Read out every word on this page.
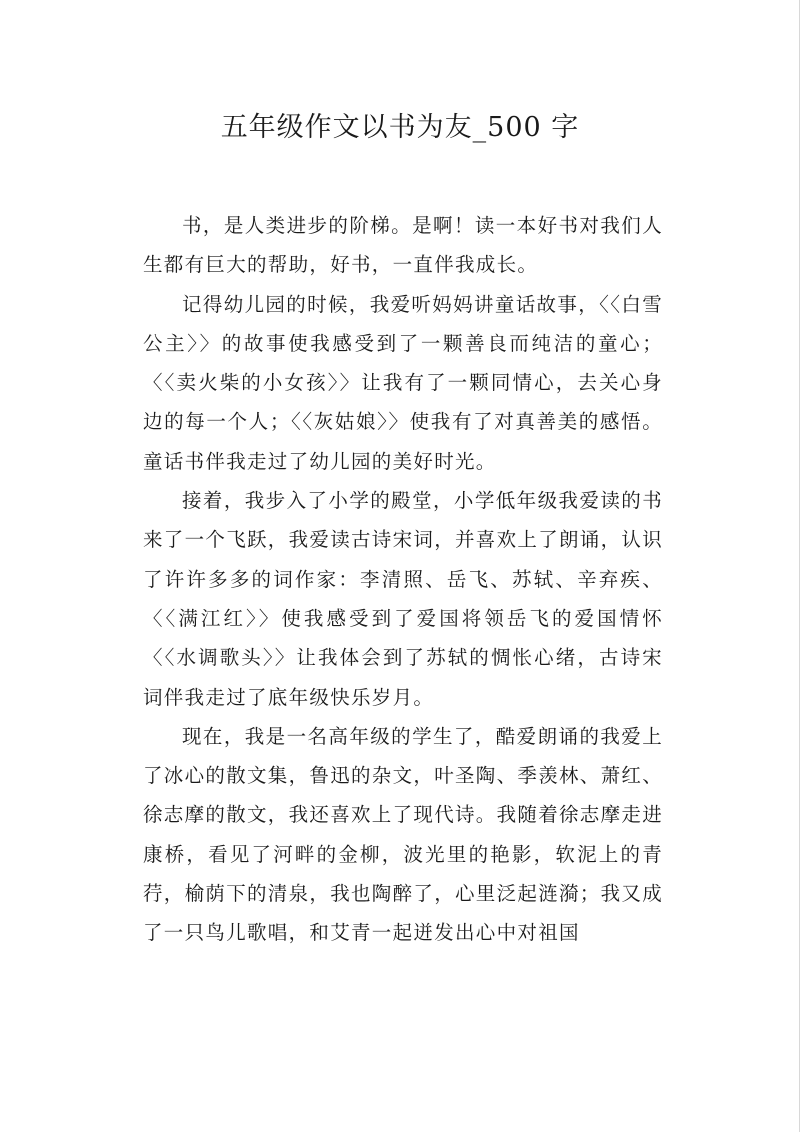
五年级作文以书为友_500 字

书，是人类进步的阶梯。是啊！读一本好书对我们人生都有巨大的帮助，好书，一直伴我成长。

记得幼儿园的时候，我爱听妈妈讲童话故事，〈〈白雪公主〉〉的故事使我感受到了一颗善良而纯洁的童心；〈〈卖火柴的小女孩〉〉让我有了一颗同情心，去关心身边的每一个人；〈〈灰姑娘〉〉使我有了对真善美的感悟。童话书伴我走过了幼儿园的美好时光。

接着，我步入了小学的殿堂，小学低年级我爱读的书来了一个飞跃，我爱读古诗宋词，并喜欢上了朗诵，认识了许许多多的词作家：李清照、岳飞、苏轼、辛弃疾、〈〈满江红〉〉使我感受到了爱国将领岳飞的爱国情怀〈〈水调歌头〉〉让我体会到了苏轼的惆怅心绪，古诗宋词伴我走过了底年级快乐岁月。

现在，我是一名高年级的学生了，酷爱朗诵的我爱上了冰心的散文集，鲁迅的杂文，叶圣陶、季羡林、萧红、徐志摩的散文，我还喜欢上了现代诗。我随着徐志摩走进康桥，看见了河畔的金柳，波光里的艳影，软泥上的青荇，榆荫下的清泉，我也陶醉了，心里泛起涟漪；我又成了一只鸟儿歌唱，和艾青一起迸发出心中对祖国
